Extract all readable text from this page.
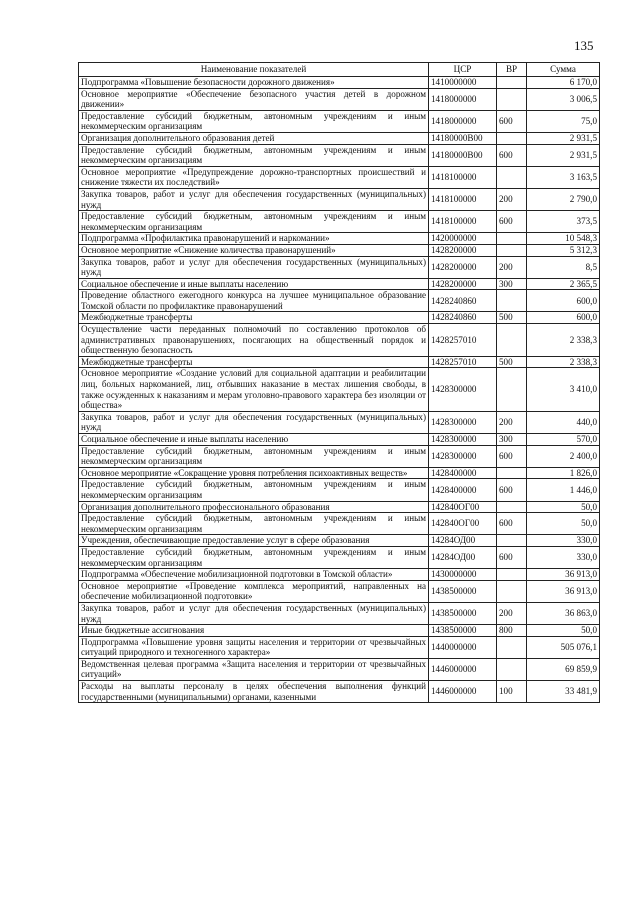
135
Наименование показателей	ЦСР	ВР	Сумма
Подпрограмма «Повышение безопасности дорожного движения»	1410000000		6 170,0
Основное мероприятие «Обеспечение безопасного участия детей в дорожном движении»	1418000000		3 006,5
Предоставление субсидий бюджетным, автономным учреждениям и иным некоммерческим организациям	1418000000	600	75,0
Организация дополнительного образования детей	14180000В00		2 931,5
Предоставление субсидий бюджетным, автономным учреждениям и иным некоммерческим организациям	14180000В00	600	2 931,5
Основное мероприятие «Предупреждение дорожно-транспортных происшествий и снижение тяжести их последствий»	1418100000		3 163,5
Закупка товаров, работ и услуг для обеспечения государственных (муниципальных) нужд	1418100000	200	2 790,0
Предоставление субсидий бюджетным, автономным учреждениям и иным некоммерческим организациям	1418100000	600	373,5
Подпрограмма «Профилактика правонарушений и наркомании»	1420000000		10 548,3
Основное мероприятие «Снижение количества правонарушений»	1428200000		5 312,3
Закупка товаров, работ и услуг для обеспечения государственных (муниципальных) нужд	1428200000	200	8,5
Социальное обеспечение и иные выплаты населению	1428200000	300	2 365,5
Проведение областного ежегодного конкурса на лучшее муниципальное образование Томской области по профилактике правонарушений	1428240860		600,0
Межбюджетные трансферты	1428240860	500	600,0
Осуществление части переданных полномочий по составлению протоколов об административных правонарушениях, посягающих на общественный порядок и общественную безопасность	1428257010		2 338,3
Межбюджетные трансферты	1428257010	500	2 338,3
Основное мероприятие «Создание условий для социальной адаптации и реабилитации лиц, больных наркоманией, лиц, отбывших наказание в местах лишения свободы, в также осужденных к наказаниям и мерам уголовно-правового характера без изоляции от общества»	1428300000		3 410,0
Закупка товаров, работ и услуг для обеспечения государственных (муниципальных) нужд	1428300000	200	440,0
Социальное обеспечение и иные выплаты населению	1428300000	300	570,0
Предоставление субсидий бюджетным, автономным учреждениям и иным некоммерческим организациям	1428300000	600	2 400,0
Основное мероприятие «Сокращение уровня потребления психоактивных веществ»	1428400000		1 826,0
Предоставление субсидий бюджетным, автономным учреждениям и иным некоммерческим организациям	1428400000	600	1 446,0
Организация дополнительного профессионального образования	142840ОГ00		50,0
Предоставление субсидий бюджетным, автономным учреждениям и иным некоммерческим организациям	142840ОГ00	600	50,0
Учреждения, обеспечивающие предоставление услуг в сфере образования	14284ОД00		330,0
Предоставление субсидий бюджетным, автономным учреждениям и иным некоммерческим организациям	14284ОД00	600	330,0
Подпрограмма «Обеспечение мобилизационной подготовки в Томской области»	1430000000		36 913,0
Основное мероприятие «Проведение комплекса мероприятий, направленных на обеспечение мобилизационной подготовки»	1438500000		36 913,0
Закупка товаров, работ и услуг для обеспечения государственных (муниципальных) нужд	1438500000	200	36 863,0
Иные бюджетные ассигнования	1438500000	800	50,0
Подпрограмма «Повышение уровня защиты населения и территории от чрезвычайных ситуаций природного и техногенного характера»	1440000000		505 076,1
Ведомственная целевая программа «Защита населения и территории от чрезвычайных ситуаций»	1446000000		69 859,9
Расходы на выплаты персоналу в целях обеспечения выполнения функций государственными (муниципальными) органами, казенными	1446000000	100	33 481,9
